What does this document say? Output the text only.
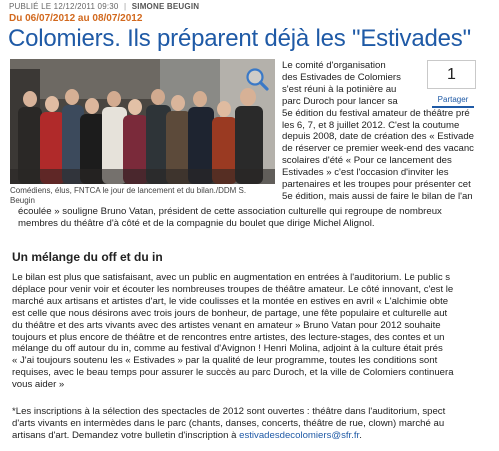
PUBLIÉ LE 12/12/2011 09:30 | SIMONE BEUGIN
Du 06/07/2012 au 08/07/2012
Colomiers. Ils préparent déjà les "Estivades"
Comédiens, élus, FNTCA le jour de lancement et du bilan./DDM S. Beugin
1
Partager
Le comité d'organisation
des Estivades de Colomiers
s'est réuni à la potinière au
parc Duroch pour lancer sa
5e édition du festival amateur de théâtre pré
les 6, 7, et 8 juillet 2012. C'est la coutume
depuis 2008, date de création des « Estivade
de réserver ce premier week-end des vacanc
scolaires d'été « Pour ce lancement des
Estivades » c'est l'occasion d'inviter les
partenaires et les troupes pour présenter cet
5e édition, mais aussi de faire le bilan de l'an
écoulée » souligne Bruno Vatan, président de cette association culturelle qui regroupe de nombreux
membres du théâtre d'à côté et de la compagnie du boulet que dirige Michel Alignol.
Un mélange du off et du in
Le bilan est plus que satisfaisant, avec un public en augmentation en entrées à l'auditorium. Le public s
déplace pour venir voir et écouter les nombreuses troupes de théâtre amateur. Le côté innovant, c'est le
marché aux artisans et artistes d'art, le vide coulisses et la montée en estives en avril « L'alchimie obte
est celle que nous désirons avec trois jours de bonheur, de partage, une fête populaire et culturelle aut
du théâtre et des arts vivants avec des artistes venant en amateur » Bruno Vatan pour 2012 souhaite
toujours et plus encore de théâtre et de rencontres entre artistes, des lecture-stages, des contes et un
mélange du off autour du in, comme au festival d'Avignon ! Henri Molina, adjoint à la culture était prés
« J'ai toujours soutenu les « Estivades » par la qualité de leur programme, toutes les conditions sont
requises, avec le beau temps pour assurer le succès au parc Duroch, et la ville de Colomiers continuera
vous aider »
*Les inscriptions à la sélection des spectacles de 2012 sont ouvertes : théâtre dans l'auditorium, spect
d'arts vivants en intermèdes dans le parc (chants, danses, concerts, théâtre de rue, clown) marché au
artisans d'art. Demandez votre bulletin d'inscription à estivadesdecolomiers@sfr.fr.
